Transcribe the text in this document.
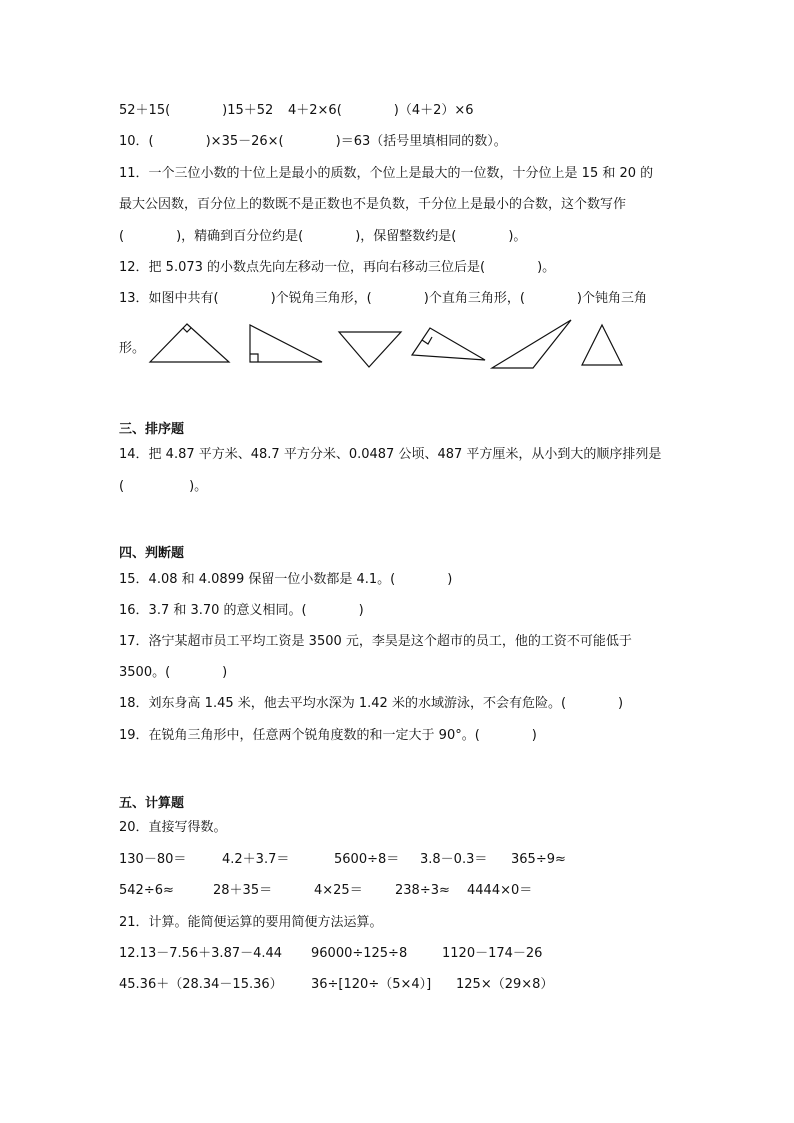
52＋15(　　　　)15＋52 4＋2×6(　　　　)（4＋2）×6
10．(　　　　)×35－26×(　　　　)＝63（括号里填相同的数）。
11．一个三位小数的十位上是最小的质数，个位上是最大的一位数，十分位上是 15 和 20 的
最大公因数，百分位上的数既不是正数也不是负数，千分位上是最小的合数，这个数写作
(　　　　)，精确到百分位约是(　　　　)，保留整数约是(　　　　)。
12．把 5.073 的小数点先向左移动一位，再向右移动三位后是(　　　　)。
13．如图中共有(　　　　)个锐角三角形，(　　　　)个直角三角形，(　　　　)个钝角三角
形。
三、排序题
14．把 4.87 平方米、48.7 平方分米、0.0487 公顷、487 平方厘米，从小到大的顺序排列是
(　　　　　)。
四、判断题
15．4.08 和 4.0899 保留一位小数都是 4.1。(　　　　)
16．3.7 和 3.70 的意义相同。(　　　　)
17．洛宁某超市员工平均工资是 3500 元，李昊是这个超市的员工，他的工资不可能低于
3500。(　　　　)
18．刘东身高 1.45 米，他去平均水深为 1.42 米的水域游泳，不会有危险。(　　　　)
19．在锐角三角形中，任意两个锐角度数的和一定大于 90°。(　　　　)
五、计算题
20．直接写得数。
130－80＝	4.2＋3.7＝	5600÷8＝ 3.8－0.3＝ 365÷9≈
542÷6≈	28＋35＝	4×25＝ 238÷3≈ 4444×0＝
21．计算。能简便运算的要用简便方法运算。
12.13－7.56＋3.87－4.44 96000÷125÷8	1120－174－26
45.36＋（28.34－15.36） 36÷[120÷（5×4）] 125×（29×8）
